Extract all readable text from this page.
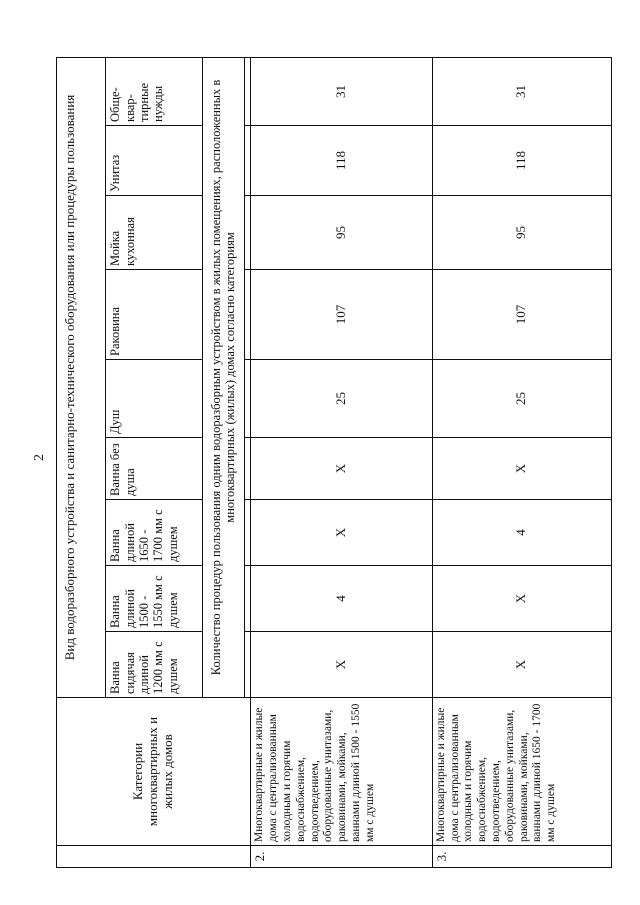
2
	Категории многоквартирных и жилых домов	Вид водоразборного устройства и санитарно-технического оборудования или процедуры пользования								
		Ванна сидячая длиной 1200 мм с душем	Ванна длиной 1500 - 1550 мм с душем	Ванна длиной 1650 - 1700 мм с душем	Ванна без душа	Душ	Раковина	Мойка кухонная	Унитаз	Обще-квар-тирные нужды
		Количество процедур пользования одним водоразборным устройством в жилых помещениях, расположенных в многоквартирных (жилых) домах согласно категориям								

2.	Многоквартирные и жилые дома с централизованным холодным и горячим водоснабжением, водоотведением, оборудованные унитазами, раковинами, мойками, ваннами длиной 1500 - 1550 мм с душем	Х	4	Х	Х	25	107	95	118	31
3.	Многоквартирные и жилые дома с централизованным холодным и горячим водоснабжением, водоотведением, оборудованные унитазами, раковинами, мойками, ваннами длиной 1650 - 1700 мм с душем	Х	Х	4	Х	25	107	95	118	31
